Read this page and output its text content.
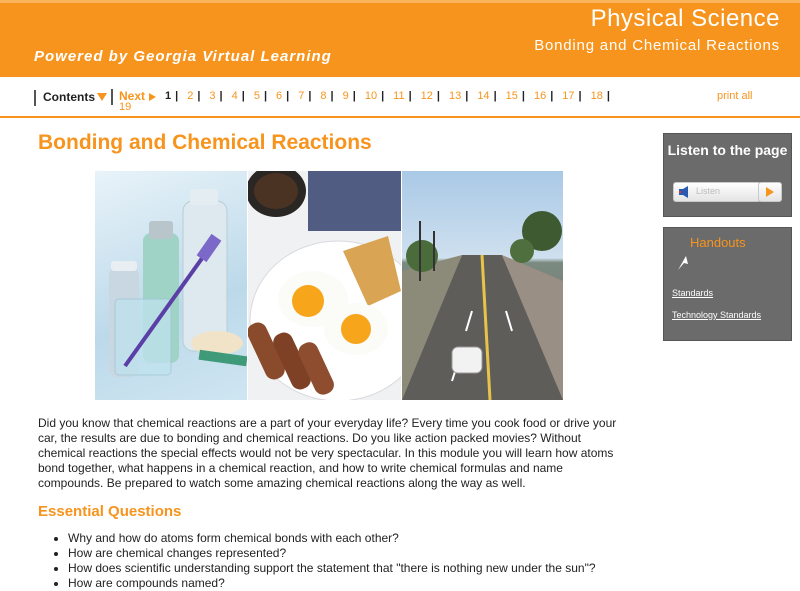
Physical Science
Bonding and Chemical Reactions
Powered by Georgia Virtual Learning
Contents	Next	1 | 2 | 3 | 4 | 5 | 6 | 7 | 8 | 9 | 10 | 11 | 12 | 13 | 14 | 15 | 16 | 17 | 18 |
19
print all
Bonding and Chemical Reactions
Did you know that chemical reactions are a part of your everyday life? Every time you cook food or drive your car, the results are due to bonding and chemical reactions. Do you like action packed movies? Without chemical reactions the special effects would not be very spectacular. In this module you will learn how atoms bond together, what happens in a chemical reaction, and how to write chemical formulas and name compounds. Be prepared to watch some amazing chemical reactions along the way as well.
Essential Questions
• Why and how do atoms form chemical bonds with each other?
• How are chemical changes represented?
• How does scientific understanding support the statement that "there is nothing new under the sun"?
• How are compounds named?
Listen to the page
Listen
Handouts
Standards
Technology Standards
